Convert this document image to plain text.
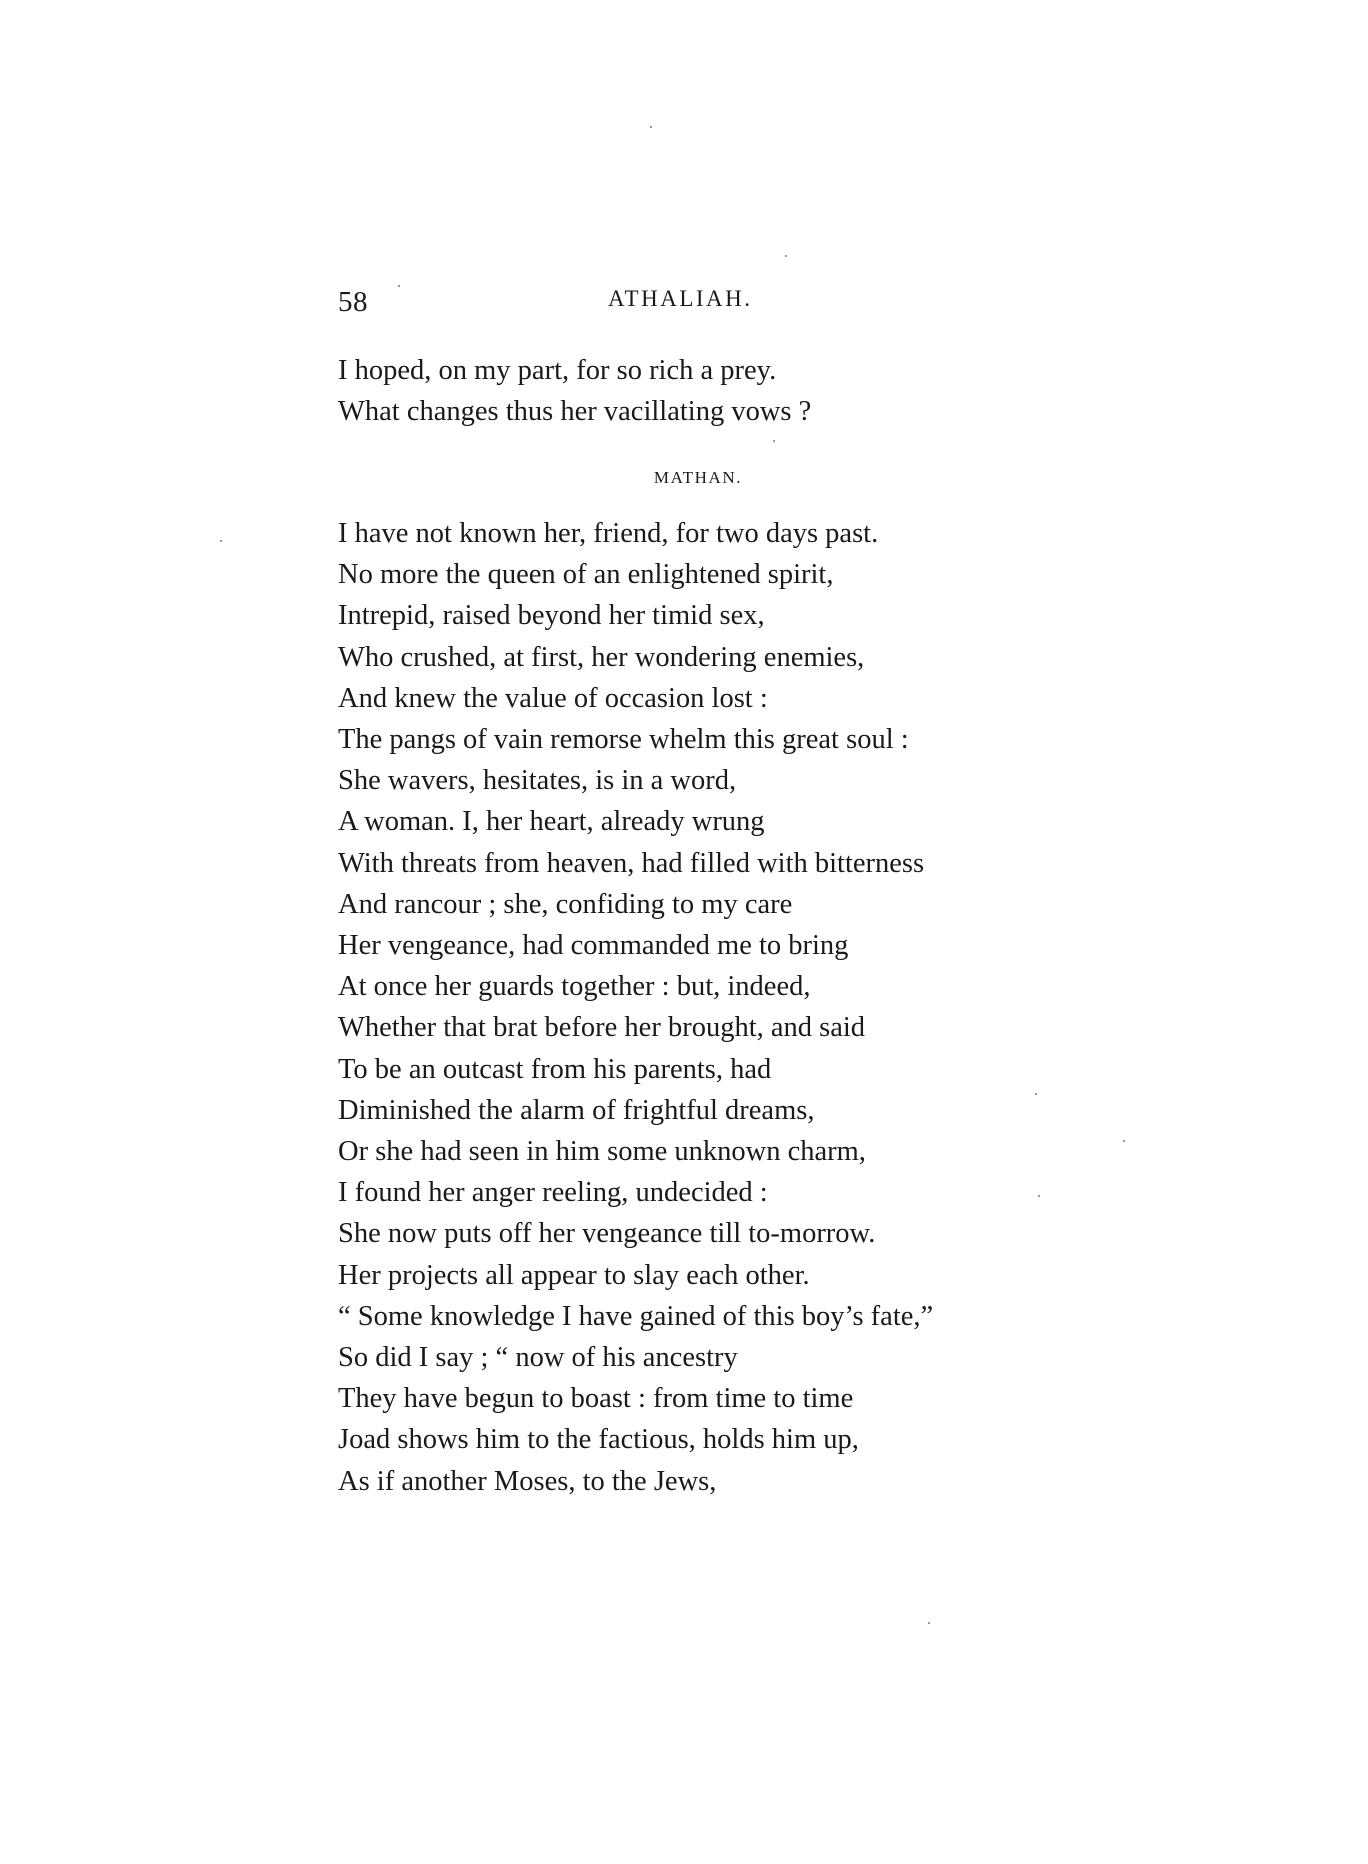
58	ATHALIAH.
I hoped, on my part, for so rich a prey.
What changes thus her vacillating vows ?
MATHAN.
I have not known her, friend, for two days past.
No more the queen of an enlightened spirit,
Intrepid, raised beyond her timid sex,
Who crushed, at first, her wondering enemies,
And knew the value of occasion lost :
The pangs of vain remorse whelm this great soul :
She wavers, hesitates, is in a word,
A woman. I, her heart, already wrung
With threats from heaven, had filled with bitterness
And rancour ; she, confiding to my care
Her vengeance, had commanded me to bring
At once her guards together : but, indeed,
Whether that brat before her brought, and said
To be an outcast from his parents, had
Diminished the alarm of frightful dreams,
Or she had seen in him some unknown charm,
I found her anger reeling, undecided :
She now puts off her vengeance till to-morrow.
Her projects all appear to slay each other.
“ Some knowledge I have gained of this boy’s fate,”
So did I say ; “ now of his ancestry
They have begun to boast : from time to time
Joad shows him to the factious, holds him up,
As if another Moses, to the Jews,
